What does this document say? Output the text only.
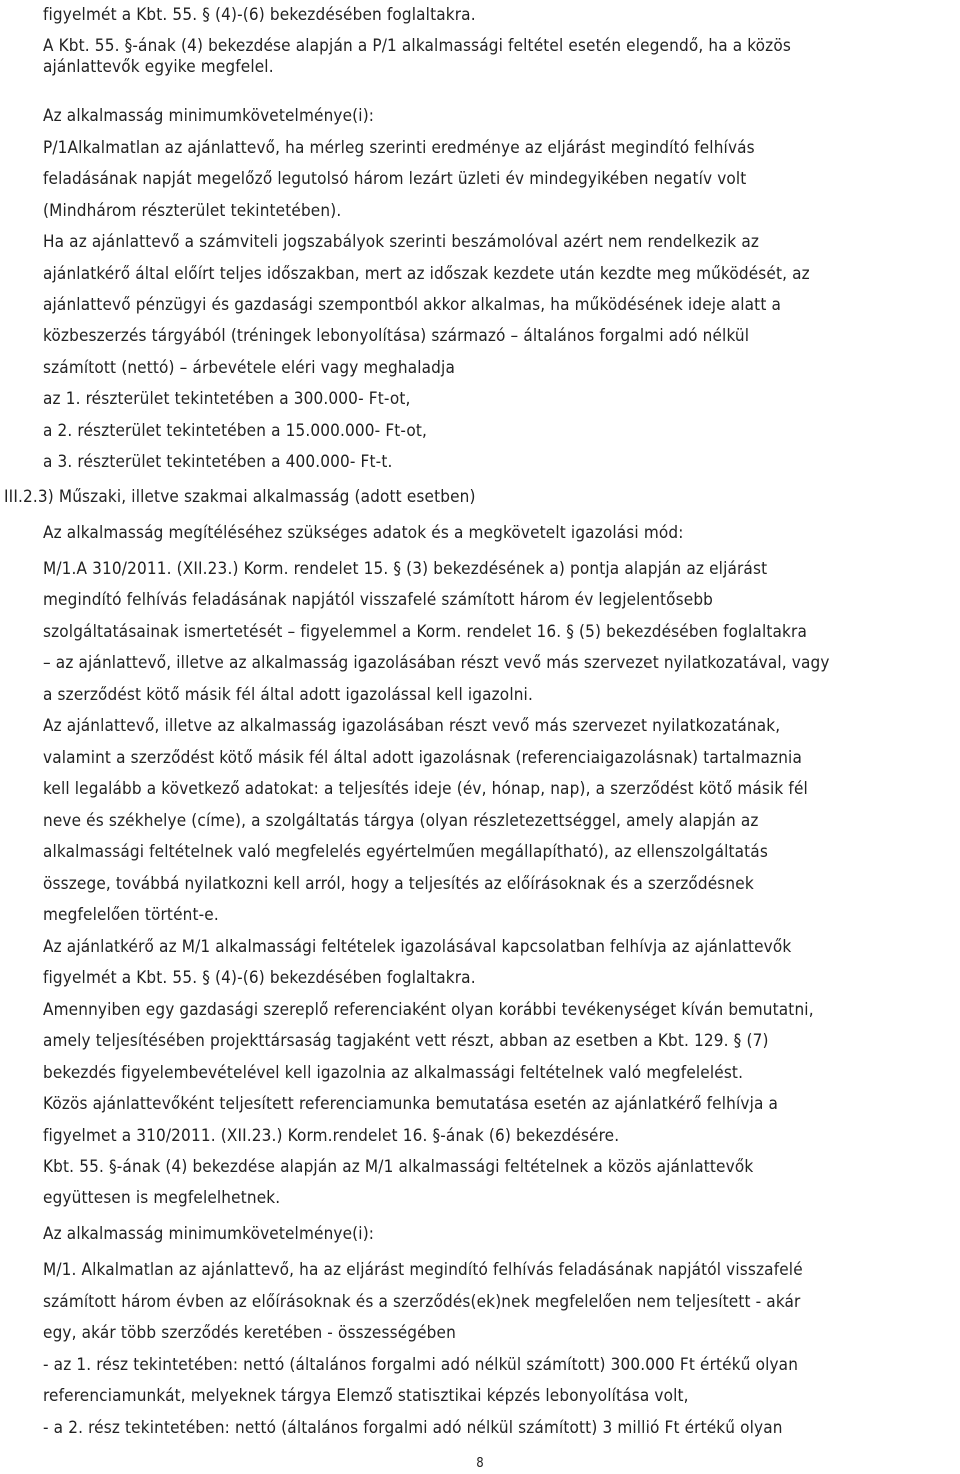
figyelmét a Kbt. 55. § (4)-(6) bekezdésében foglaltakra.
A Kbt. 55. §-ának (4) bekezdése alapján a P/1 alkalmassági feltétel esetén elegendő, ha a közös
ajánlattevők egyike megfelel.
Az alkalmasság minimumkövetelménye(i):
P/1Alkalmatlan az ajánlattevő, ha mérleg szerinti eredménye az eljárást megindító felhívás
feladásának napját megelőző legutolsó három lezárt üzleti év mindegyikében negatív volt
(Mindhárom részterület tekintetében).
Ha az ajánlattevő a számviteli jogszabályok szerinti beszámolóval azért nem rendelkezik az
ajánlatkérő által előírt teljes időszakban, mert az időszak kezdete után kezdte meg működését, az
ajánlattevő pénzügyi és gazdasági szempontból akkor alkalmas, ha működésének ideje alatt a
közbeszerzés tárgyából (tréningek lebonyolítása) származó – általános forgalmi adó nélkül
számított (nettó) – árbevétele eléri vagy meghaladja
az 1. részterület tekintetében a 300.000- Ft-ot,
a 2. részterület tekintetében a 15.000.000- Ft-ot,
a 3. részterület tekintetében a 400.000- Ft-t.
III.2.3) Műszaki, illetve szakmai alkalmasság (adott esetben)
Az alkalmasság megítéléséhez szükséges adatok és a megkövetelt igazolási mód:
M/1.A 310/2011. (XII.23.) Korm. rendelet 15. § (3) bekezdésének a) pontja alapján az eljárást
megindító felhívás feladásának napjától visszafelé számított három év legjelentősebb
szolgáltatásainak ismertetését – figyelemmel a Korm. rendelet 16. § (5) bekezdésében foglaltakra
– az ajánlattevő, illetve az alkalmasság igazolásában részt vevő más szervezet nyilatkozatával, vagy
a szerződést kötő másik fél által adott igazolással kell igazolni.
Az ajánlattevő, illetve az alkalmasság igazolásában részt vevő más szervezet nyilatkozatának,
valamint a szerződést kötő másik fél által adott igazolásnak (referenciaigazolásnak) tartalmaznia
kell legalább a következő adatokat: a teljesítés ideje (év, hónap, nap), a szerződést kötő másik fél
neve és székhelye (címe), a szolgáltatás tárgya (olyan részletezettséggel, amely alapján az
alkalmassági feltételnek való megfelelés egyértelműen megállapítható), az ellenszolgáltatás
összege, továbbá nyilatkozni kell arról, hogy a teljesítés az előírásoknak és a szerződésnek
megfelelően történt-e.
Az ajánlatkérő az M/1 alkalmassági feltételek igazolásával kapcsolatban felhívja az ajánlattevők
figyelmét a Kbt. 55. § (4)-(6) bekezdésében foglaltakra.
Amennyiben egy gazdasági szereplő referenciaként olyan korábbi tevékenységet kíván bemutatni,
amely teljesítésében projekttársaság tagjaként vett részt, abban az esetben a Kbt. 129. § (7)
bekezdés figyelembevételével kell igazolnia az alkalmassági feltételnek való megfelelést.
Közös ajánlattevőként teljesített referenciamunka bemutatása esetén az ajánlatkérő felhívja a
figyelmet a 310/2011. (XII.23.) Korm.rendelet 16. §-ának (6) bekezdésére.
Kbt. 55. §-ának (4) bekezdése alapján az M/1 alkalmassági feltételnek a közös ajánlattevők
együttesen is megfelelhetnek.
Az alkalmasság minimumkövetelménye(i):
M/1. Alkalmatlan az ajánlattevő, ha az eljárást megindító felhívás feladásának napjától visszafelé
számított három évben az előírásoknak és a szerződés(ek)nek megfelelően nem teljesített - akár
egy, akár több szerződés keretében - összességében
- az 1. rész tekintetében: nettó (általános forgalmi adó nélkül számított) 300.000 Ft értékű olyan
referenciamunkát, melyeknek tárgya Elemző statisztikai képzés lebonyolítása volt,
- a 2. rész tekintetében: nettó (általános forgalmi adó nélkül számított) 3 millió Ft értékű olyan
8
